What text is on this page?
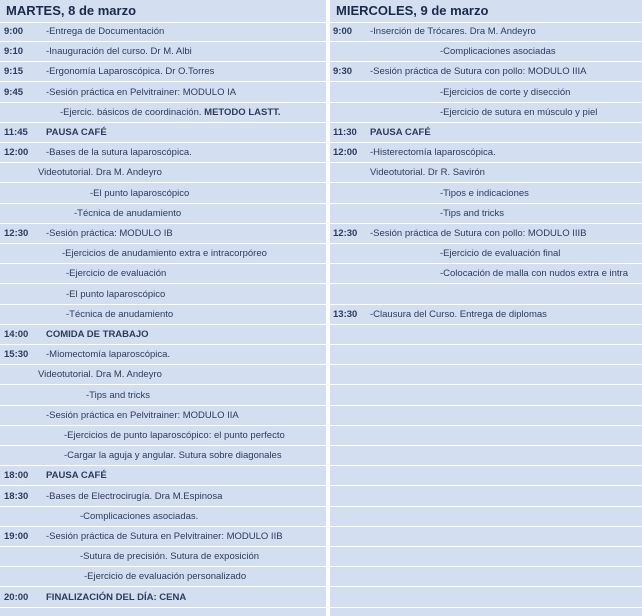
MARTES, 8 de marzo
9:00 -Entrega de Documentación
9:10 -Inauguración del curso. Dr M. Albi
9:15 -Ergonomía Laparoscópica. Dr O.Torres
9:45 -Sesión práctica en Pelvitrainer: MODULO IA
-Ejercic. básicos de coordinación. METODO LASTT.
11:45 PAUSA CAFÉ
12:00 -Bases de la sutura laparoscópica.
Videotutorial. Dra M. Andeyro
-El punto laparoscópico
-Técnica de anudamiento
12:30 -Sesión práctica: MODULO IB
-Ejercicios de anudamiento extra e intracorpóreo
-Ejercicio de evaluación
-El punto laparoscópico
-Técnica de anudamiento
14:00 COMIDA DE TRABAJO
15:30 -Miomectomía laparoscópica.
Videotutorial. Dra M. Andeyro
-Tips and tricks
-Sesión práctica en Pelvitrainer: MODULO IIA
-Ejercicios de punto laparoscópico: el punto perfecto
-Cargar la aguja y angular. Sutura sobre diagonales
18:00 PAUSA CAFÉ
18:30 -Bases de Electrocirugía. Dra M.Espinosa
-Complicaciones asociadas.
19:00 -Sesión práctica de Sutura en Pelvitrainer: MODULO IIB
-Sutura de precisión. Sutura de exposición
-Ejercicio de evaluación personalizado
20:00 FINALIZACIÓN DEL DÍA: CENA
MIERCOLES, 9 de marzo
9:00 -Inserción de Trócares. Dra M. Andeyro
-Complicaciones asociadas
9:30 -Sesión práctica de Sutura con pollo: MODULO IIIA
-Ejercicios de corte y disección
-Ejercicio de sutura en músculo y piel
11:30 PAUSA CAFÉ
12:00 -Histerectomía laparoscópica.
Videotutorial. Dr R. Savirón
-Tipos e indicaciones
-Tips and tricks
12:30 -Sesión práctica de Sutura con pollo: MODULO IIIB
-Ejercicio de evaluación final
-Colocación de malla con nudos extra e intra
13:30 -Clausura del Curso. Entrega de diplomas
